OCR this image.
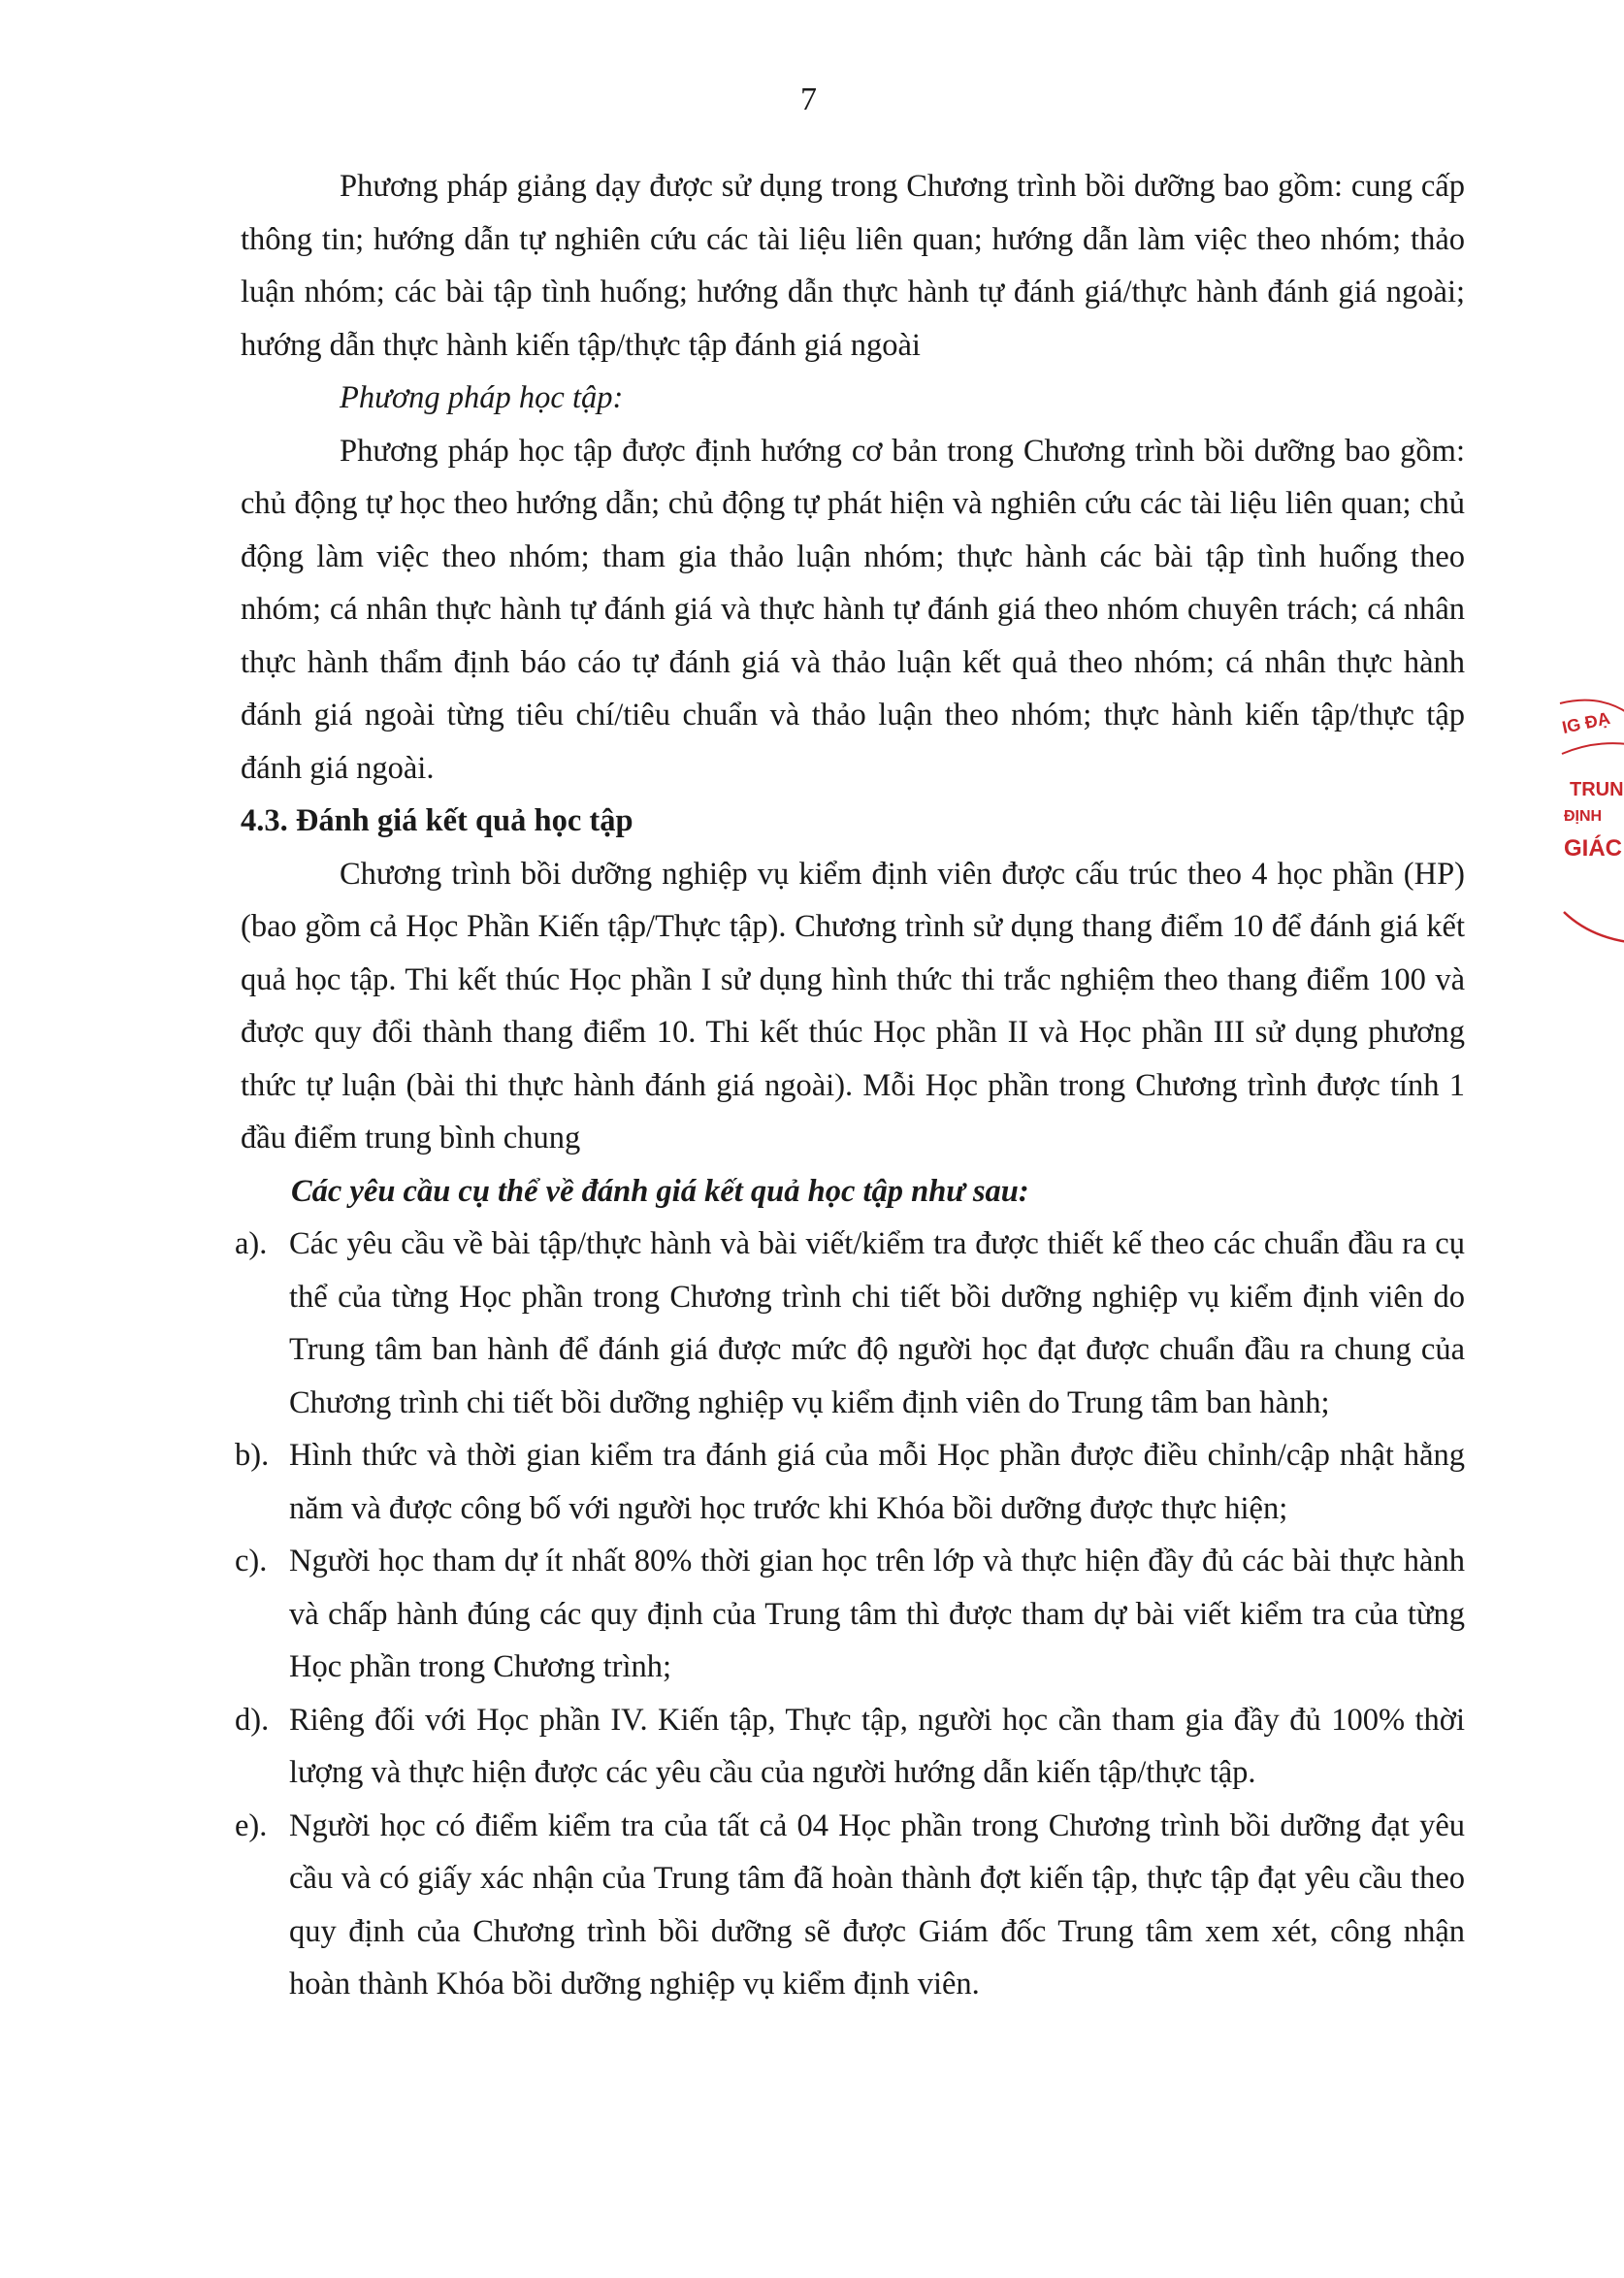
7

Phương pháp giảng dạy được sử dụng trong Chương trình bồi dưỡng bao gồm: cung cấp thông tin; hướng dẫn tự nghiên cứu các tài liệu liên quan; hướng dẫn làm việc theo nhóm; thảo luận nhóm; các bài tập tình huống; hướng dẫn thực hành tự đánh giá/thực hành đánh giá ngoài; hướng dẫn thực hành kiến tập/thực tập đánh giá ngoài

Phương pháp học tập:

Phương pháp học tập được định hướng cơ bản trong Chương trình bồi dưỡng bao gồm: chủ động tự học theo hướng dẫn; chủ động tự phát hiện và nghiên cứu các tài liệu liên quan; chủ động làm việc theo nhóm; tham gia thảo luận nhóm; thực hành các bài tập tình huống theo nhóm; cá nhân thực hành tự đánh giá và thực hành tự đánh giá theo nhóm chuyên trách; cá nhân thực hành thẩm định báo cáo tự đánh giá và thảo luận kết quả theo nhóm; cá nhân thực hành đánh giá ngoài từng tiêu chí/tiêu chuẩn và thảo luận theo nhóm; thực hành kiến tập/thực tập đánh giá ngoài.

4.3. Đánh giá kết quả học tập

Chương trình bồi dưỡng nghiệp vụ kiểm định viên được cấu trúc theo 4 học phần (HP) (bao gồm cả Học Phần Kiến tập/Thực tập). Chương trình sử dụng thang điểm 10 để đánh giá kết quả học tập. Thi kết thúc Học phần I sử dụng hình thức thi trắc nghiệm theo thang điểm 100 và được quy đổi thành thang điểm 10. Thi kết thúc Học phần II và Học phần III sử dụng phương thức tự luận (bài thi thực hành đánh giá ngoài). Mỗi Học phần trong Chương trình được tính 1 đầu điểm trung bình chung

Các yêu cầu cụ thể về đánh giá kết quả học tập như sau:

a). Các yêu cầu về bài tập/thực hành và bài viết/kiểm tra được thiết kế theo các chuẩn đầu ra cụ thể của từng Học phần trong Chương trình chi tiết bồi dưỡng nghiệp vụ kiểm định viên do Trung tâm ban hành để đánh giá được mức độ người học đạt được chuẩn đầu ra chung của Chương trình chi tiết bồi dưỡng nghiệp vụ kiểm định viên do Trung tâm ban hành;
b). Hình thức và thời gian kiểm tra đánh giá của mỗi Học phần được điều chỉnh/cập nhật hằng năm và được công bố với người học trước khi Khóa bồi dưỡng được thực hiện;
c). Người học tham dự ít nhất 80% thời gian học trên lớp và thực hiện đầy đủ các bài thực hành và chấp hành đúng các quy định của Trung tâm thì được tham dự bài viết kiểm tra của từng Học phần trong Chương trình;
d). Riêng đối với Học phần IV. Kiến tập, Thực tập, người học cần tham gia đầy đủ 100% thời lượng và thực hiện được các yêu cầu của người hướng dẫn kiến tập/thực tập.
e). Người học có điểm kiểm tra của tất cả 04 Học phần trong Chương trình bồi dưỡng đạt yêu cầu và có giấy xác nhận của Trung tâm đã hoàn thành đợt kiến tập, thực tập đạt yêu cầu theo quy định của Chương trình bồi dưỡng sẽ được Giám đốc Trung tâm xem xét, công nhận hoàn thành Khóa bồi dưỡng nghiệp vụ kiểm định viên.
IG ĐẠ
TRUN
ĐỊNH
GIÁC
